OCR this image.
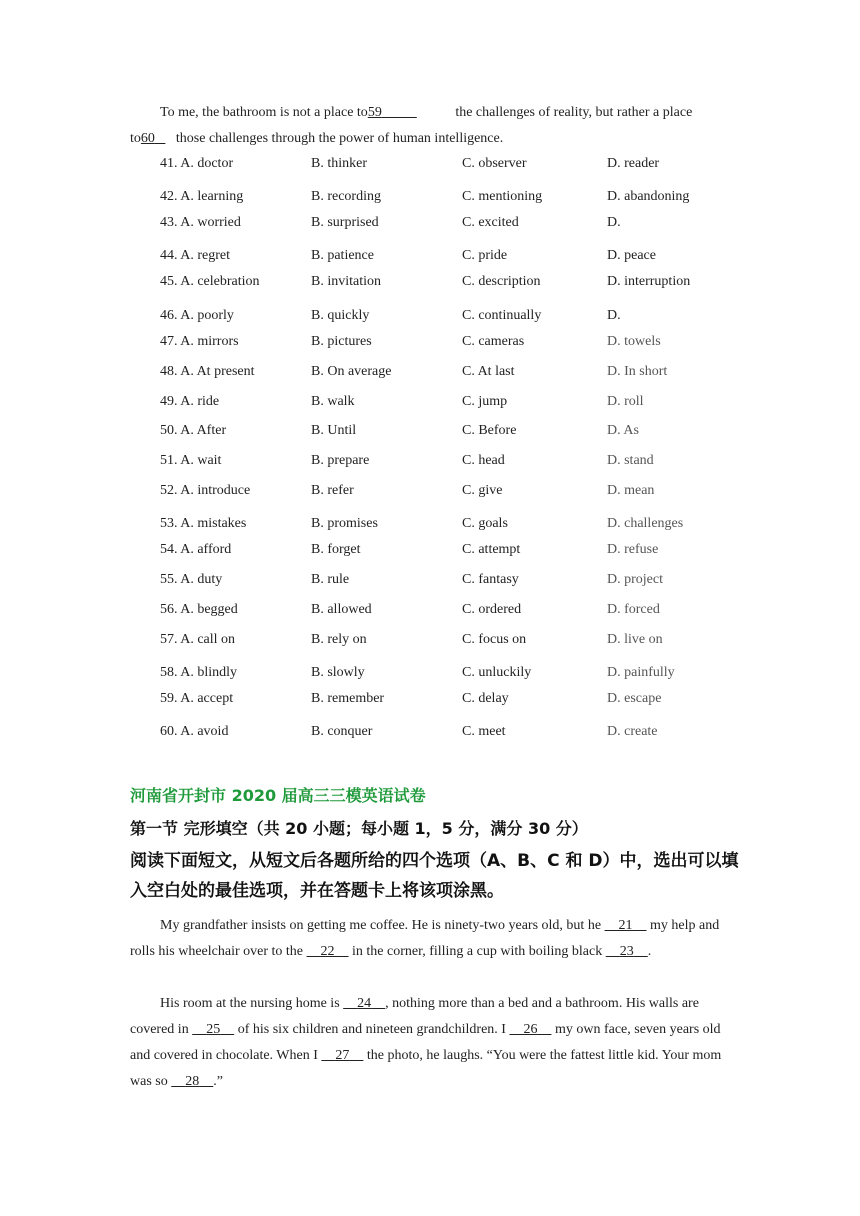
To me, the bathroom is not a place to59	the challenges of reality, but rather a place to60 those challenges through the power of human intelligence.

41. A. doctor	B. thinker	C. observer	D. reader
42. A. learning	B. recording	C. mentioning	D. abandoning
43. A. worried	B. surprised	C. excited	D.
44. A. regret	B. patience	C. pride	D. peace
45. A. celebration	B. invitation	C. description	D. interruption
46. A. poorly	B. quickly	C. continually	D.
47. A. mirrors	B. pictures	C. cameras	D. towels
48. A. At present	B. On average	C. At last	D. In short
49. A. ride	B. walk	C. jump	D. roll
50. A. After	B. Until	C. Before	D. As
51. A. wait	B. prepare	C. head	D. stand
52. A. introduce	B. refer	C. give	D. mean
53. A. mistakes	B. promises	C. goals	D. challenges
54. A. afford	B. forget	C. attempt	D. refuse
55. A. duty	B. rule	C. fantasy	D. project
56. A. begged	B. allowed	C. ordered	D. forced
57. A. call on	B. rely on	C. focus on	D. live on
58. A. blindly	B. slowly	C. unluckily	D. painfully
59. A. accept	B. remember	C. delay	D. escape
60. A. avoid	B. conquer	C. meet	D. create
河南省开封市 2020 届高三三模英语试卷
第一节 完形填空（共 20 小题；每小题 1，5 分，满分 30 分）

阅读下面短文，从短文后各题所给的四个选项（A、B、C 和 D）中，选出可以填入空白处的最佳选项，并在答题卡上将该项涂黑。

My grandfather insists on getting me coffee. He is ninety-two years old, but he     21     my help and rolls his wheelchair over to the     22     in the corner, filling a cup with boiling black     23 .

His room at the nursing home is     24 , nothing more than a bed and a bathroom. His walls are covered in     25     of his six children and nineteen grandchildren. I     26     my own face, seven years old and covered in chocolate. When I     27     the photo, he laughs. “You were the fattest little kid. Your mom was so     28 .”
